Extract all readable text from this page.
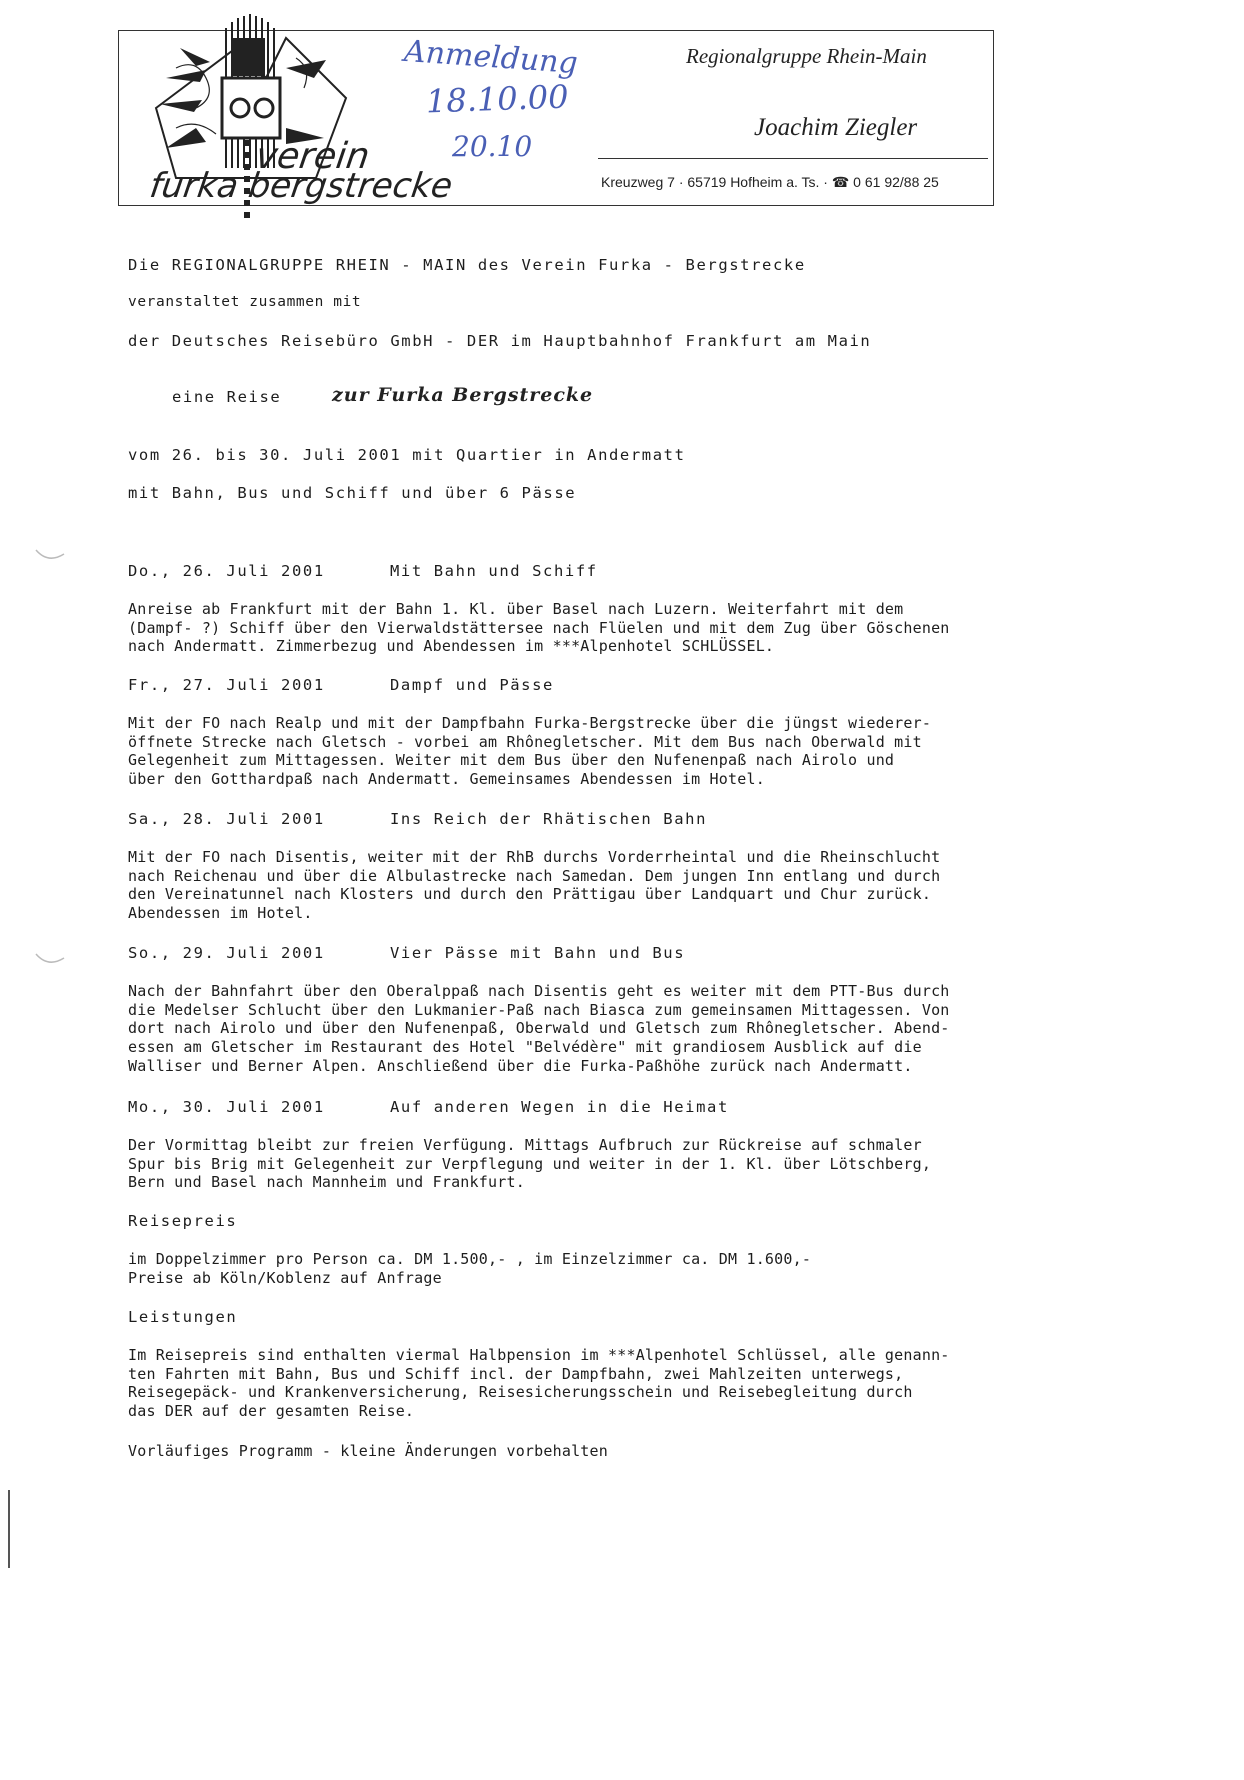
verein
furka bergstrecke
Anmeldung
18.10.00
20.10
Regionalgruppe Rhein-Main
Joachim Ziegler
Kreuzweg 7 · 65719 Hofheim a. Ts. · ☎ 0 61 92/88 25
Die REGIONALGRUPPE RHEIN - MAIN des Verein Furka - Bergstrecke
veranstaltet zusammen mit
der Deutsches Reisebüro GmbH - DER im Hauptbahnhof Frankfurt am Main
eine Reise	zur Furka Bergstrecke
vom 26. bis 30. Juli 2001 mit Quartier in Andermatt
mit Bahn, Bus und Schiff und über 6 Pässe
Do., 26. Juli 2001	Mit Bahn und Schiff
Anreise ab Frankfurt mit der Bahn 1. Kl. über Basel nach Luzern. Weiterfahrt mit dem
(Dampf- ?) Schiff über den Vierwaldstättersee nach Flüelen und mit dem Zug über Göschenen
nach Andermatt. Zimmerbezug und Abendessen im ***Alpenhotel SCHLÜSSEL.
Fr., 27. Juli 2001	Dampf und Pässe
Mit der FO nach Realp und mit der Dampfbahn Furka-Bergstrecke über die jüngst wiederer-
öffnete Strecke nach Gletsch - vorbei am Rhônegletscher. Mit dem Bus nach Oberwald mit
Gelegenheit zum Mittagessen. Weiter mit dem Bus über den Nufenenpaß nach Airolo und
über den Gotthardpaß nach Andermatt. Gemeinsames Abendessen im Hotel.
Sa., 28. Juli 2001	Ins Reich der Rhätischen Bahn
Mit der FO nach Disentis, weiter mit der RhB durchs Vorderrheintal und die Rheinschlucht
nach Reichenau und über die Albulastrecke nach Samedan. Dem jungen Inn entlang und durch
den Vereinatunnel nach Klosters und durch den Prättigau über Landquart und Chur zurück.
Abendessen im Hotel.
So., 29. Juli 2001	Vier Pässe mit Bahn und Bus
Nach der Bahnfahrt über den Oberalppaß nach Disentis geht es weiter mit dem PTT-Bus durch
die Medelser Schlucht über den Lukmanier-Paß nach Biasca zum gemeinsamen Mittagessen. Von
dort nach Airolo und über den Nufenenpaß, Oberwald und Gletsch zum Rhônegletscher. Abend-
essen am Gletscher im Restaurant des Hotel "Belvédère" mit grandiosem Ausblick auf die
Walliser und Berner Alpen. Anschließend über die Furka-Paßhöhe zurück nach Andermatt.
Mo., 30. Juli 2001	Auf anderen Wegen in die Heimat
Der Vormittag bleibt zur freien Verfügung. Mittags Aufbruch zur Rückreise auf schmaler
Spur bis Brig mit Gelegenheit zur Verpflegung und weiter in der 1. Kl. über Lötschberg,
Bern und Basel nach Mannheim und Frankfurt.
Reisepreis
im Doppelzimmer pro Person ca. DM 1.500,- , im Einzelzimmer ca. DM 1.600,-
Preise ab Köln/Koblenz auf Anfrage
Leistungen
Im Reisepreis sind enthalten viermal Halbpension im ***Alpenhotel Schlüssel, alle genann-
ten Fahrten mit Bahn, Bus und Schiff incl. der Dampfbahn, zwei Mahlzeiten unterwegs,
Reisegepäck- und Krankenversicherung, Reisesicherungsschein und Reisebegleitung durch
das DER auf der gesamten Reise.
Vorläufiges Programm - kleine Änderungen vorbehalten
